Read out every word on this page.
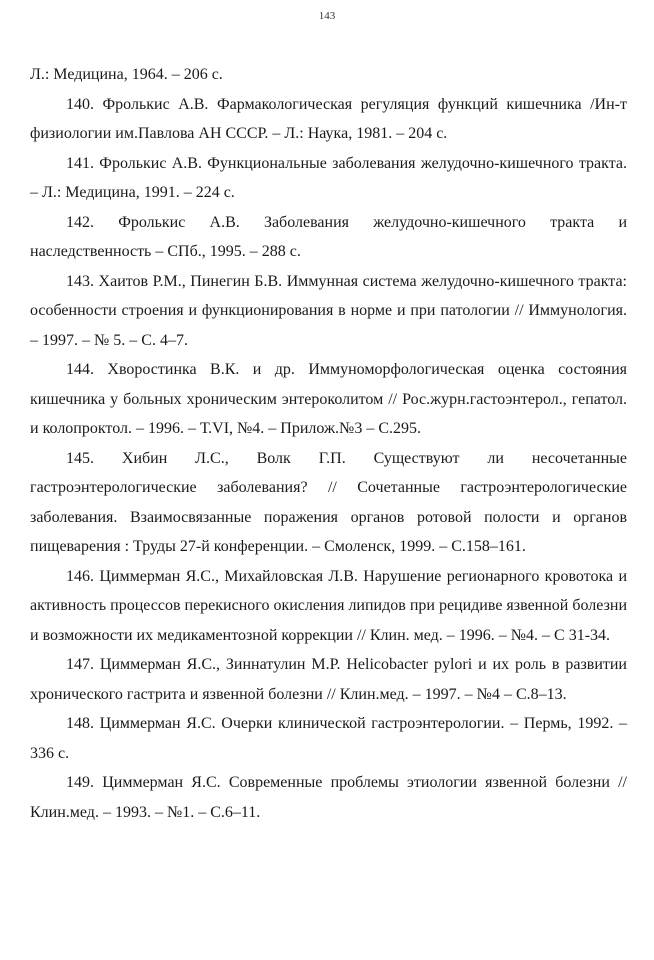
143

Л.: Медицина, 1964. – 206 с.

140. Фролькис А.В. Фармакологическая регуляция функций кишечника /Ин-т физиологии им.Павлова АН СССР. – Л.: Наука, 1981. – 204 с.

141. Фролькис А.В. Функциональные заболевания желудочно-кишечного тракта. – Л.: Медицина, 1991. – 224 с.

142. Фролькис А.В. Заболевания желудочно-кишечного тракта и наследственность – СПб., 1995. – 288 с.

143. Хаитов Р.М., Пинегин Б.В. Иммунная система желудочно-кишечного тракта: особенности строения и функционирования в норме и при патологии // Иммунология. – 1997. – № 5. – С. 4–7.

144. Хворостинка В.К. и др. Иммуноморфологическая оценка состояния кишечника у больных хроническим энтероколитом // Рос.журн.гастоэнтерол., гепатол. и колопроктол. – 1996. – Т.VI, №4. – Прилож.№3 – С.295.

145. Хибин Л.С., Волк Г.П. Существуют ли несочетанные гастроэнтерологические заболевания? // Сочетанные гастроэнтерологические заболевания. Взаимосвязанные поражения органов ротовой полости и органов пищеварения : Труды 27-й конференции. – Смоленск, 1999. – С.158–161.

146. Циммерман Я.С., Михайловская Л.В. Нарушение регионарного кровотока и активность процессов перекисного окисления липидов при рецидиве язвенной болезни и возможности их медикаментозной коррекции // Клин. мед. – 1996. – №4. – С 31-34.

147. Циммерман Я.С., Зиннатулин М.Р. Helicobacter pylori и их роль в развитии хронического гастрита и язвенной болезни // Клин.мед. – 1997. – №4 – С.8–13.

148. Циммерман Я.С. Очерки клинической гастроэнтерологии. – Пермь, 1992. – 336 с.

149. Циммерман Я.С. Современные проблемы этиологии язвенной болезни // Клин.мед. – 1993. – №1. – С.6–11.
